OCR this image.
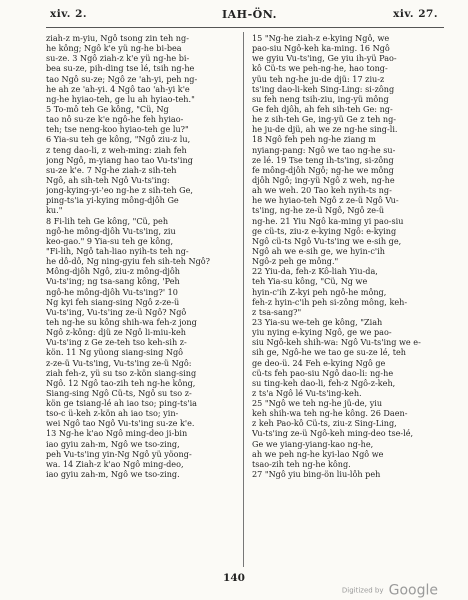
xiv. 2.	IAH-ÖN.	xiv. 27.
ziah-z m-yiu, Ngô tsong zin teh ng-
he kông; Ngô k'e yü ng-he bi-bea
su-ze. 3 Ngô ziah-z k'e yü ng-he bi-
bea su-ze, pih-ding tse lé, tsih ng-he
tao Ngô su-ze; Ngô ze 'ah-yi, peh ng-
he ah ze 'ah-yi. 4 Ngô tao 'ah-yi k'e
ng-he hyiao-teh, ge lu ah hyiao-teh."
5 To-mô teh Ge kông, "Cü, Ng
tao nô su-ze k'e ngô-he feh hyiao-
teh; tse neng-koo hyiao-teh ge lu?"
6 Yia-su teh ge kông, "Ngô ziu-z lu,
z teng dao-li, z weh-ming: ziah feh
jong Ngô, m-yiang hao tao Vu-ts'ing
su-ze k'e. 7 Ng-he ziah-z sih-teh
Ngô, ah sih-teh Ngô Vu-ts'ing:
jong-kying-yi-'eo ng-he z sih-teh Ge,
ping-ts'ia yi-kying mông-djôh Ge
ku."
8 Fi-lih teh Ge kông, "Cü, peh
ngô-he mông-djôh Vu-ts'ing, ziu
keo-gao." 9 Yia-su teh ge kông,
"Fi-lih, Ngô tah-liao nyih-ts teh ng-
he dô-dô, Ng ning-gyiu feh sih-teh Ngô?
Mông-djôh Ngô, ziu-z mông-djôh
Vu-ts'ing; ng tsa-sang kông, 'Peh
ngô-he mông-djôh Vu-ts'ing?' 10
Ng kyi feh siang-sing Ngô z-ze-ü
Vu-ts'ing, Vu-ts'ing ze-ü Ngô? Ngô
teh ng-he su kông shih-wa feh-z jong
Ngô z-kông: djü ze Ngô li-miu-keh
Vu-ts'ing z Ge ze-teh tso keh-sih z-
kön. 11 Ng yüong siang-sing Ngô
z-ze-ü Vu-ts'ing, Vu-ts'ing ze-ü Ngô:
ziah feh-z, yü su tso z-kön siang-sing
Ngô. 12 Ngô tao-zih teh ng-he kông,
Siang-sing Ngô Cü-ts, Ngô su tso z-
kön ge tsiang-lé ah iao tso; ping-ts'ia
tso-c ü-keh z-kön ah iao tso; yin-
wei Ngô tao Ngô Vu-ts'ing su-ze k'e.
13 Ng-he k'ao Ngô ming-deo ji-bin
iao gyiu zah-m, Ngô we tso-zing,
peh Vu-ts'ing yin-Ng Ngô yü yöong-
wa. 14 Ziah-z k'ao Ngô ming-deo,
iao gyiu zah-m, Ngô we tso-zing.
15 "Ng-he ziah-z e-kying Ngô, we
pao-siu Ngô-keh ka-ming. 16 Ngô
we gyiu Vu-ts'ing, Ge yiu ih-yü Pao-
kô Cü-ts we peh-ng-he, hao tong-
yüu teh ng-he ju-de djü: 17 ziu-z
ts'ing dao-li-keh Sing-Ling: si-zông
su feh neng tsih-ziu, ing-yü mông
Ge feh djôh, ah feh sih-teh Ge: ng-
he z sih-teh Ge, ing-yü Ge z teh ng-
he ju-de djü, ah we ze ng-he sing-li.
18 Ngô feh peh ng-he ziang m
nyiang-pang: Ngô we tao ng-he su-
ze lé. 19 Tse teng ih-ts'ing, si-zông
fe mông-djôh Ngô; ng-he we mông
djôh Ngô; ing-yü Ngô z weh, ng-he
ah we weh. 20 Tao keh nyih-ts ng-
he we hyiao-teh Ngô z ze-ü Ngô Vu-
ts'ing, ng-he ze-ü Ngô, Ngô ze-ü
ng-he. 21 Yiu Ngô ka-ming yi pao-siu
ge cü-ts, ziu-z e-kying Ngô: e-kying
Ngô cü-ts Ngô Vu-ts'ing we e-sih ge,
Ngô ah we e-sih ge, we hyin-c'ih
Ngô-z peh ge mông."
22 Yiu-da, feh-z Kô-liah Yiu-da,
teh Yia-su kông, "Cü, Ng we
hyin-c'ih Z-kyi peh ngô-he mông,
feh-z hyin-c'ih peh si-zông mông, keh-
z tsa-sang?"
23 Yia-su we-teh ge kông, "Ziah
yiu nying e-kying Ngô, ge we pao-
siu Ngô-keh shih-wa: Ngô Vu-ts'ing we e-
sih ge, Ngô-he we tao ge su-ze lé, teh
ge deo-ü. 24 Feh e-kying Ngô ge
cü-ts feh pao-siu Ngô dao-li: ng-he
su ting-keh dao-li, feh-z Ngô-z-keh,
z ts'a Ngô lé Vu-ts'ing-keh.
25 "Ngô we teh ng-he jü-de, yiu
keh shih-wa teh ng-he kông. 26 Daen-
z keh Pao-kô Cü-ts, ziu-z Sing-Ling,
Vu-ts'ing ze-ü Ngô-keh ming-deo tse-lé,
Ge we yiang-yiang-kao ng-he,
ah we peh ng-he kyi-lao Ngô we
tsao-zih teh ng-he kông.
27 "Ngô yiu bing-ön liu-lôh peh
140
Digitized by Google
